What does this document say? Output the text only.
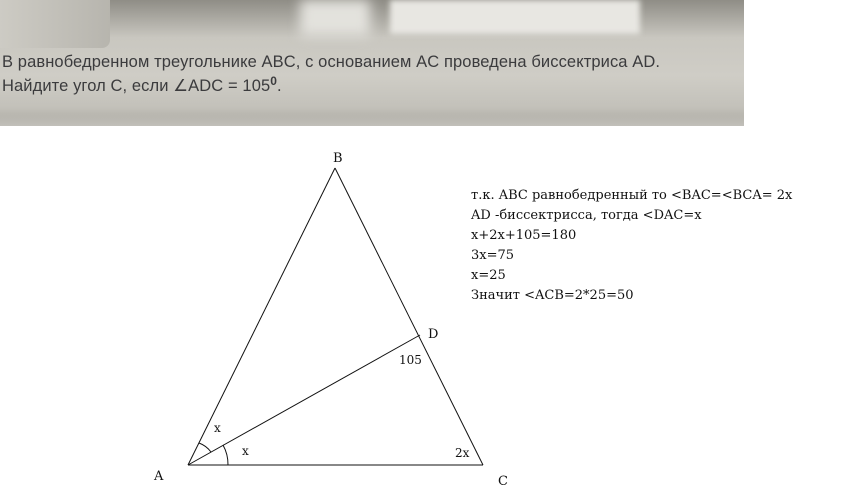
В равнобедренном треугольнике ABC, с основанием AC проведена биссектриса AD.
Найдите угол C, если ∠ADC = $105^0$.
B
D
A	C
x
x
105
2x
т.к. ABC равнобедренный то <BAC=<BCA= 2x
AD -биссектрисса, тогда <DAC=x
x+2x+105=180
3x=75
x=25
Значит <ACB=2*25=50
